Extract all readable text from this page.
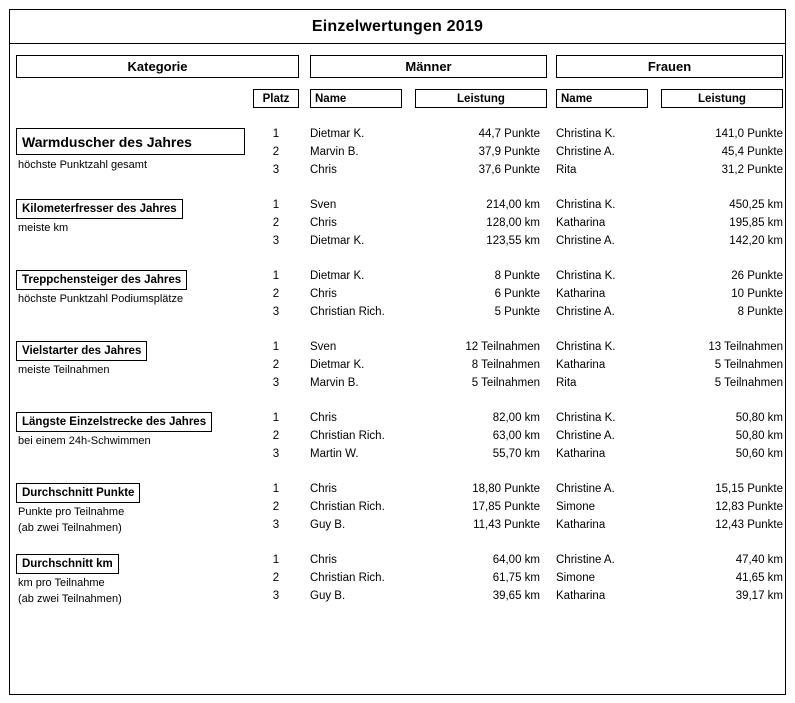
Einzelwertungen 2019
Kategorie	Männer	Frauen
Platz	Name	Leistung	Name	Leistung
Warmduscher des Jahres
höchste Punktzahl gesamt
1	Dietmar K.	44,7 Punkte Christina K.	141,0 Punkte
2	Marvin B.	37,9 Punkte Christine A.	45,4 Punkte
3	Chris	37,6 Punkte Rita	31,2 Punkte
Kilometerfresser des Jahres
meiste km
1	Sven	214,00 km Christina K.	450,25 km
2	Chris	128,00 km Katharina	195,85 km
3	Dietmar K.	123,55 km Christine A.	142,20 km
Treppchensteiger des Jahres
höchste Punktzahl Podiumsplätze
1	Dietmar K.	8 Punkte Christina K.	26 Punkte
2	Chris	6 Punkte Katharina	10 Punkte
3	Christian Rich.	5 Punkte Christine A.	8 Punkte
Vielstarter des Jahres
meiste Teilnahmen
1	Sven	12 Teilnahmen Christina K.	13 Teilnahmen
2	Dietmar K.	8 Teilnahmen Katharina	5 Teilnahmen
3	Marvin B.	5 Teilnahmen Rita	5 Teilnahmen
Längste Einzelstrecke des Jahres
bei einem 24h-Schwimmen
1	Chris	82,00 km Christina K.	50,80 km
2	Christian Rich.	63,00 km Christine A.	50,80 km
3	Martin W.	55,70 km Katharina	50,60 km
Durchschnitt Punkte
Punkte pro Teilnahme
(ab zwei Teilnahmen)
1	Chris	18,80 Punkte Christine A.	15,15 Punkte
2	Christian Rich.	17,85 Punkte Simone	12,83 Punkte
3	Guy B.	11,43 Punkte Katharina	12,43 Punkte
Durchschnitt km
km pro Teilnahme
(ab zwei Teilnahmen)
1	Chris	64,00 km Christine A.	47,40 km
2	Christian Rich.	61,75 km Simone	41,65 km
3	Guy B.	39,65 km Katharina	39,17 km
